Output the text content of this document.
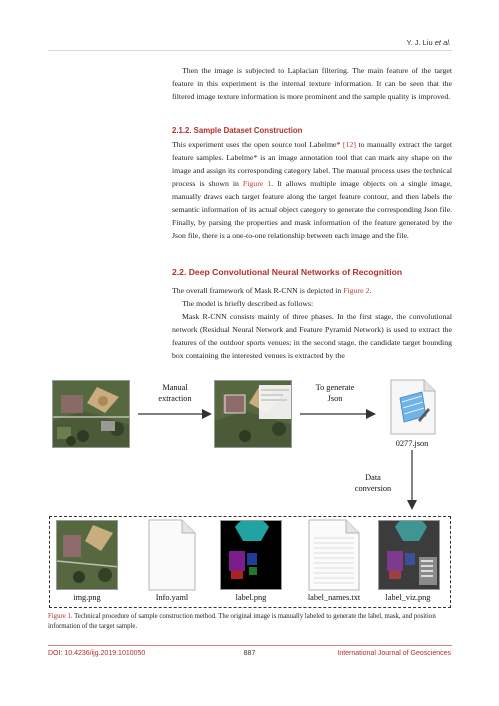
Y. J. Liu et al.

Then the image is subjected to Laplacian filtering. The main feature of the target feature in this experiment is the internal texture information. It can be seen that the filtered image texture information is more prominent and the sample quality is improved.

2.1.2. Sample Dataset Construction

This experiment uses the open source tool Labelme* [12] to manually extract the target feature samples. Labelme* is an image annotation tool that can mark any shape on the image and assign its corresponding category label. The manual process uses the technical process is shown in Figure 1. It allows multiple image objects on a single image, manually draws each target feature along the target feature contour, and then labels the semantic information of its actual object category to generate the corresponding Json file. Finally, by parsing the properties and mask information of the feature generated by the Json file, there is a one-to-one relationship between each image and the file.

2.2. Deep Convolutional Neural Networks of Recognition

The overall framework of Mask R-CNN is depicted in Figure 2.

The model is briefly described as follows:

Mask R-CNN consists mainly of three phases. In the first stage, the convolutional network (Residual Neural Network and Feature Pyramid Network) is used to extract the features of the outdoor sports venues; in the second stage, the candidate target bounding box containing the interested venues is extracted by the

Manual
extraction
To generate
Json
0277.json
Data
conversion
img.png	Info.yaml	label.png	label_names.txt	label_viz.png
Figure 1. Technical procedure of sample construction method. The original image is manually labeled to generate the label, mask, and position information of the target sample.
DOI: 10.4236/ijg.2019.1010050	887	International Journal of Geosciences
